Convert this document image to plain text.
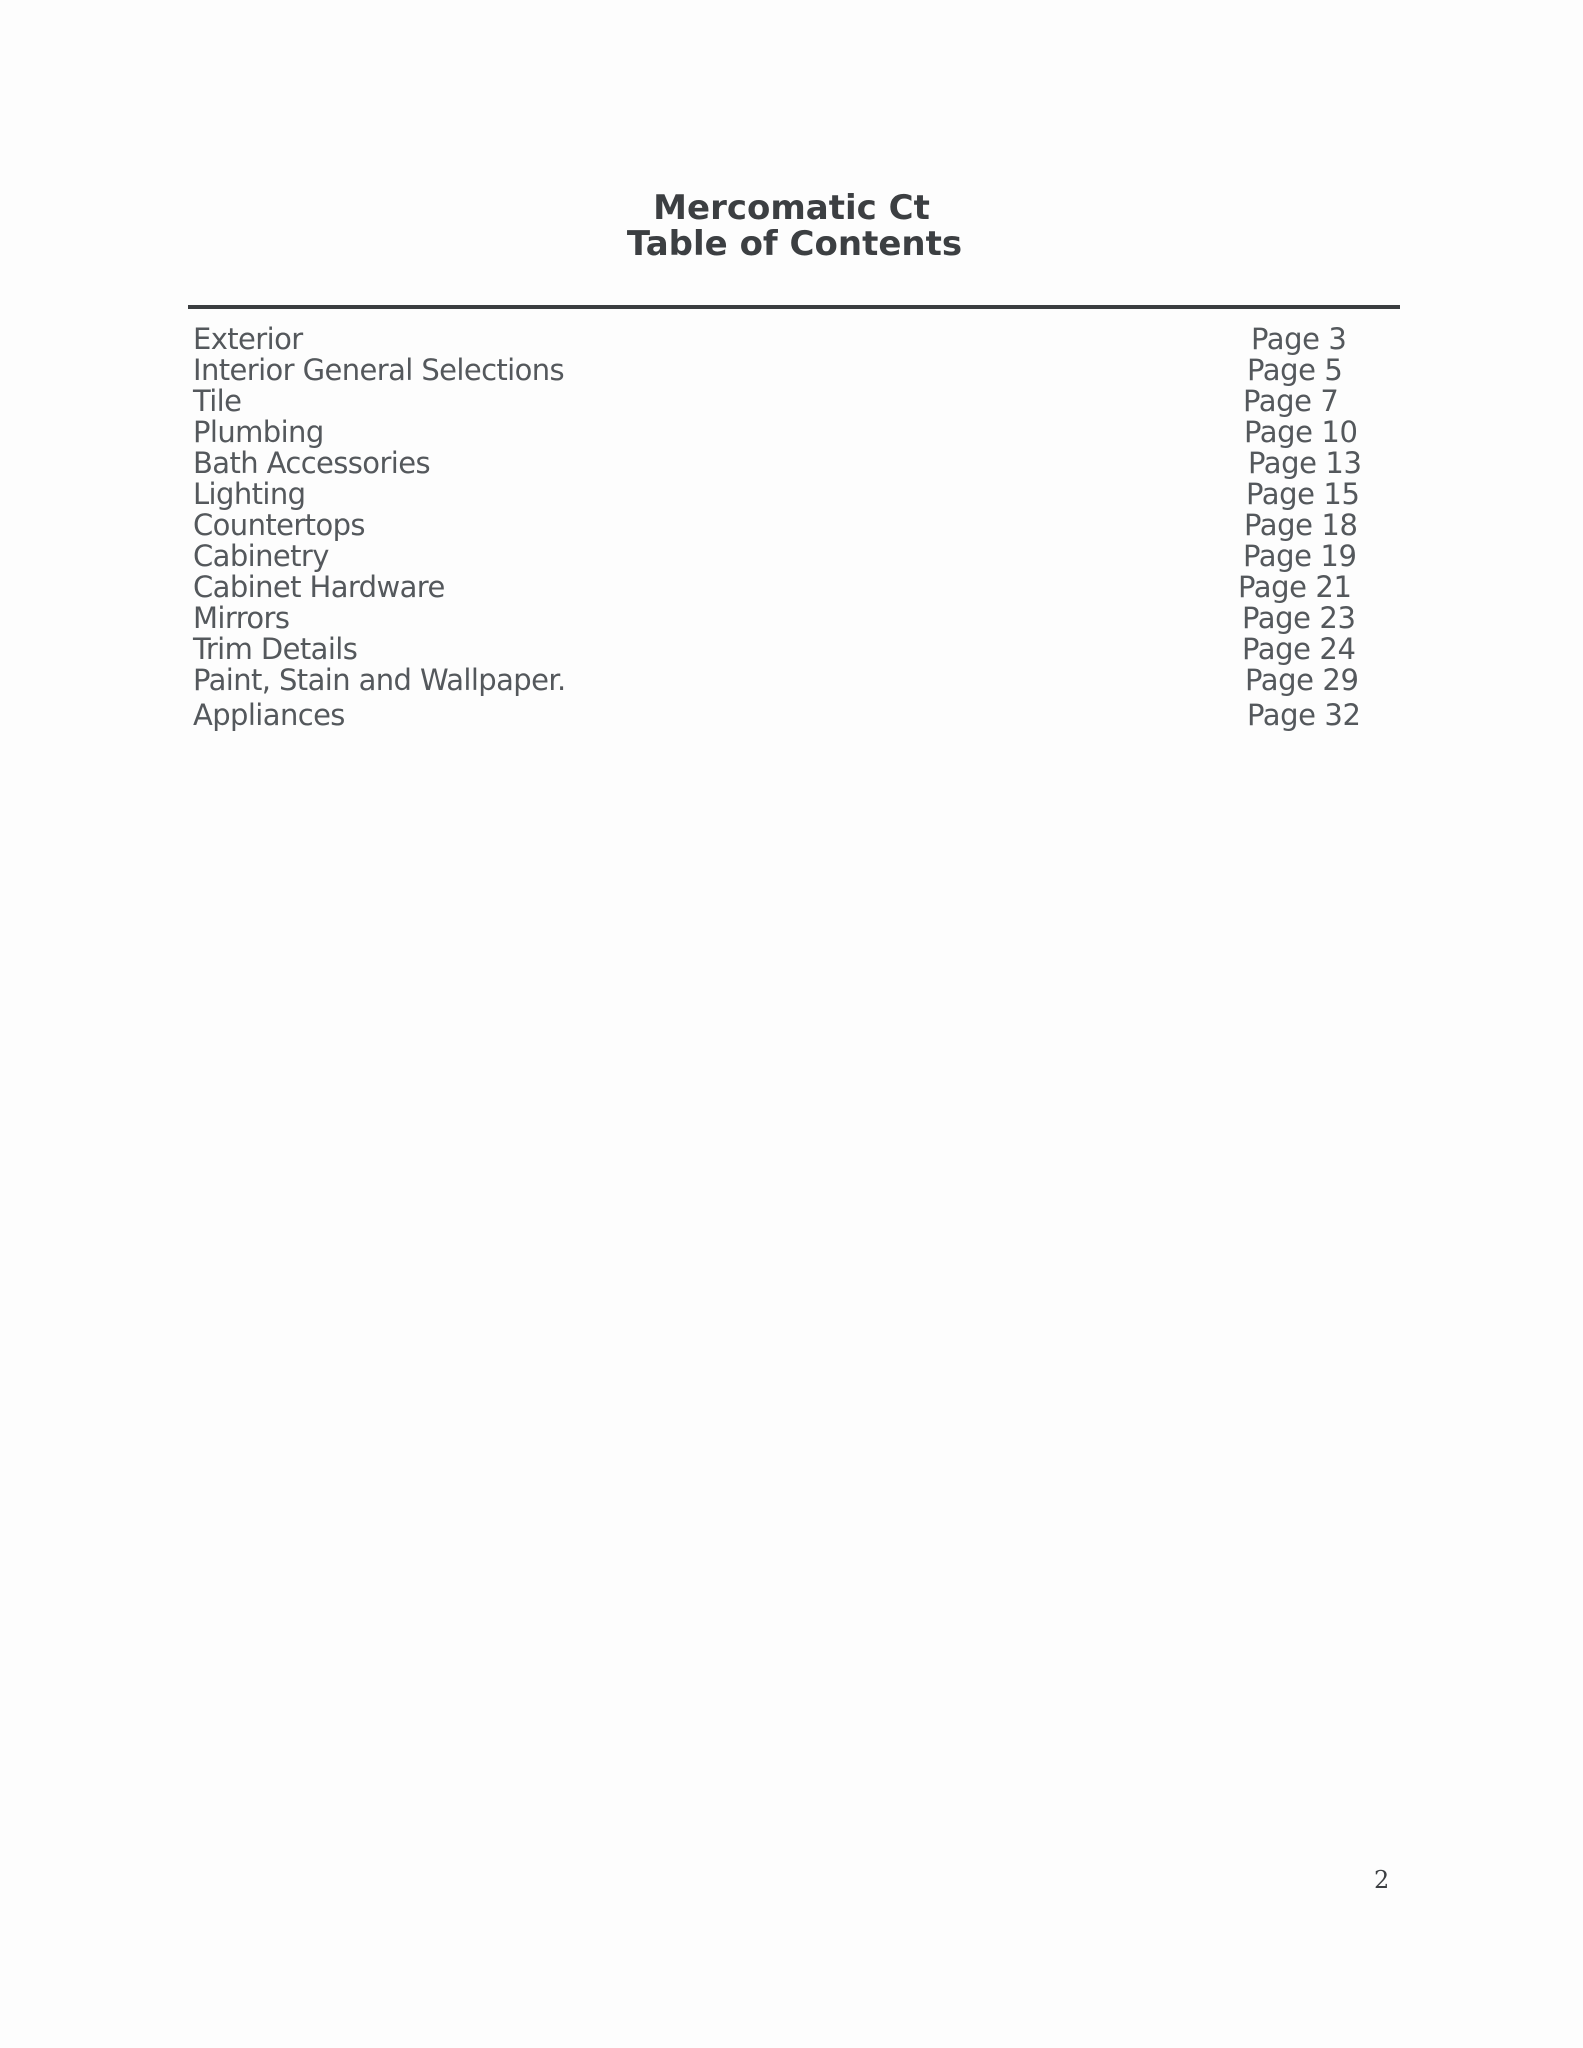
Mercomatic Ct
Table of Contents
Exterior	Page 3
Interior General Selections	Page 5
Tile	Page 7
Plumbing	Page 10
Bath Accessories	Page 13
Lighting	Page 15
Countertops	Page 18
Cabinetry	Page 19
Cabinet Hardware	Page 21
Mirrors	Page 23
Trim Details	Page 24
Paint, Stain and Wallpaper.	Page 29
Appliances	Page 32
2
